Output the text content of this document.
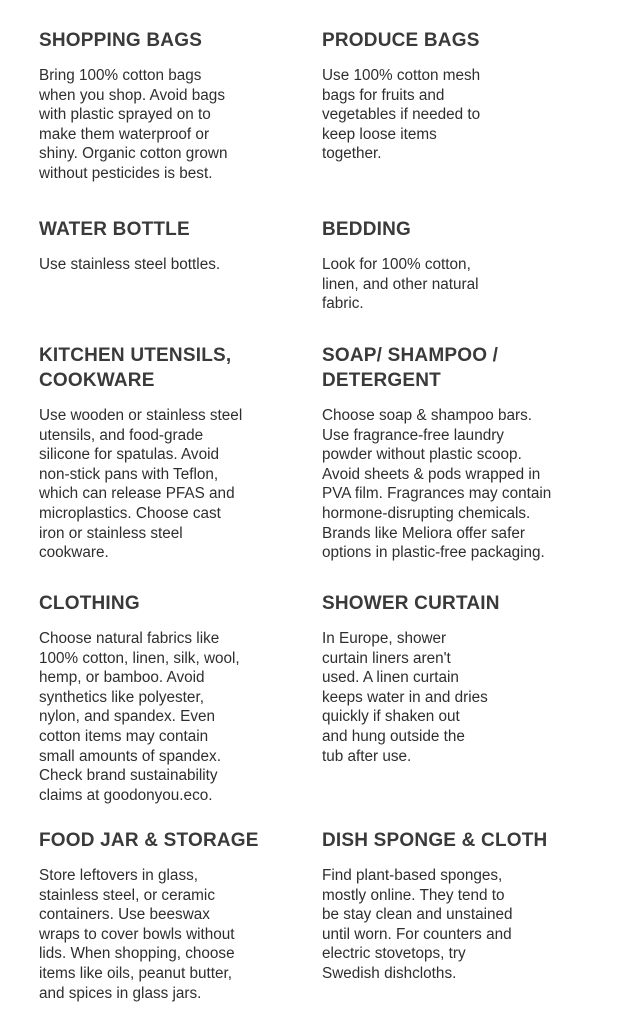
SHOPPING BAGS

Bring 100% cotton bags
when you shop. Avoid bags
with plastic sprayed on to
make them waterproof or
shiny. Organic cotton grown
without pesticides is best.

PRODUCE BAGS

Use 100% cotton mesh
bags for fruits and
vegetables if needed to
keep loose items
together.

WATER BOTTLE

Use stainless steel bottles.

BEDDING

Look for 100% cotton,
linen, and other natural
fabric.

KITCHEN UTENSILS,
COOKWARE

Use wooden or stainless steel
utensils, and food-grade
silicone for spatulas. Avoid
non-stick pans with Teflon,
which can release PFAS and
microplastics. Choose cast
iron or stainless steel
cookware.

SOAP/ SHAMPOO /
DETERGENT

Choose soap & shampoo bars.
Use fragrance-free laundry
powder without plastic scoop.
Avoid sheets & pods wrapped in
PVA film. Fragrances may contain
hormone-disrupting chemicals.
Brands like Meliora offer safer
options in plastic-free packaging.

CLOTHING

Choose natural fabrics like
100% cotton, linen, silk, wool,
hemp, or bamboo. Avoid
synthetics like polyester,
nylon, and spandex. Even
cotton items may contain
small amounts of spandex.
Check brand sustainability
claims at goodonyou.eco.

SHOWER CURTAIN

In Europe, shower
curtain liners aren't
used. A linen curtain
keeps water in and dries
quickly if shaken out
and hung outside the
tub after use.

FOOD JAR & STORAGE

Store leftovers in glass,
stainless steel, or ceramic
containers. Use beeswax
wraps to cover bowls without
lids. When shopping, choose
items like oils, peanut butter,
and spices in glass jars.

DISH SPONGE & CLOTH

Find plant-based sponges,
mostly online. They tend to
be stay clean and unstained
until worn. For counters and
electric stovetops, try
Swedish dishcloths.
